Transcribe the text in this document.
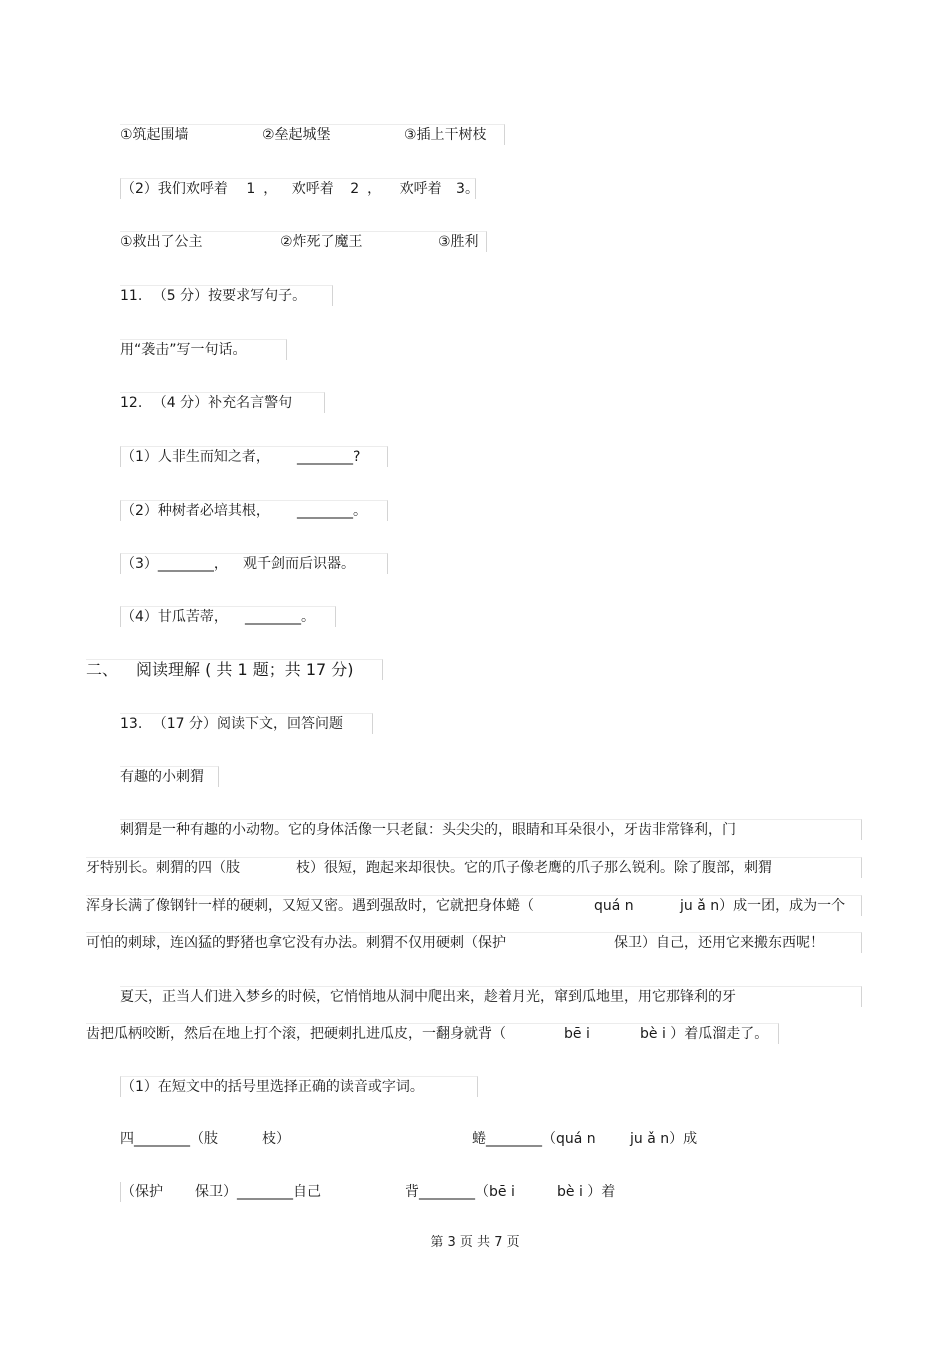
①筑起围墙	②垒起城堡	③插上干树枝
（2）我们欢呼着 1 ， 欢呼着 2 ， 欢呼着 3。
①救出了公主	②炸死了魔王	③胜利
11. （5 分）按要求写句子。
用“袭击”写一句话。
12. （4 分）补充名言警句
（1）人非生而知之者， ________?
（2）种树者必培其根， ________。
（3）________， 观千剑而后识器。
（4）甘瓜苦蒂， ________。
二、 阅读理解 ( 共 1 题；共 17 分)
13. （17 分）阅读下文，回答问题
有趣的小刺猬
刺猬是一种有趣的小动物。它的身体活像一只老鼠：头尖尖的，眼睛和耳朵很小，牙齿非常锋利，门
牙特别长。刺猬的四（肢	枝）很短，跑起来却很快。它的爪子像老鹰的爪子那么锐利。除了腹部，刺猬
浑身长满了像钢针一样的硬刺，又短又密。遇到强敌时，它就把身体蜷（	quá n	ju ǎ n）成一团，成为一个
可怕的刺球，连凶猛的野猪也拿它没有办法。刺猬不仅用硬刺（保护	保卫）自己，还用它来搬东西呢！
夏天，正当人们进入梦乡的时候，它悄悄地从洞中爬出来，趁着月光，窜到瓜地里，用它那锋利的牙
齿把瓜柄咬断，然后在地上打个滚，把硬刺扎进瓜皮，一翻身就背（	bē i	bè i ）着瓜溜走了。
（1）在短文中的括号里选择正确的读音或字词。
四________（肢	枝）	蜷________（quá n ju ǎ n）成
（保护 保卫）________自己	背________（bē i	bè i ）着
第 3 页 共 7 页
